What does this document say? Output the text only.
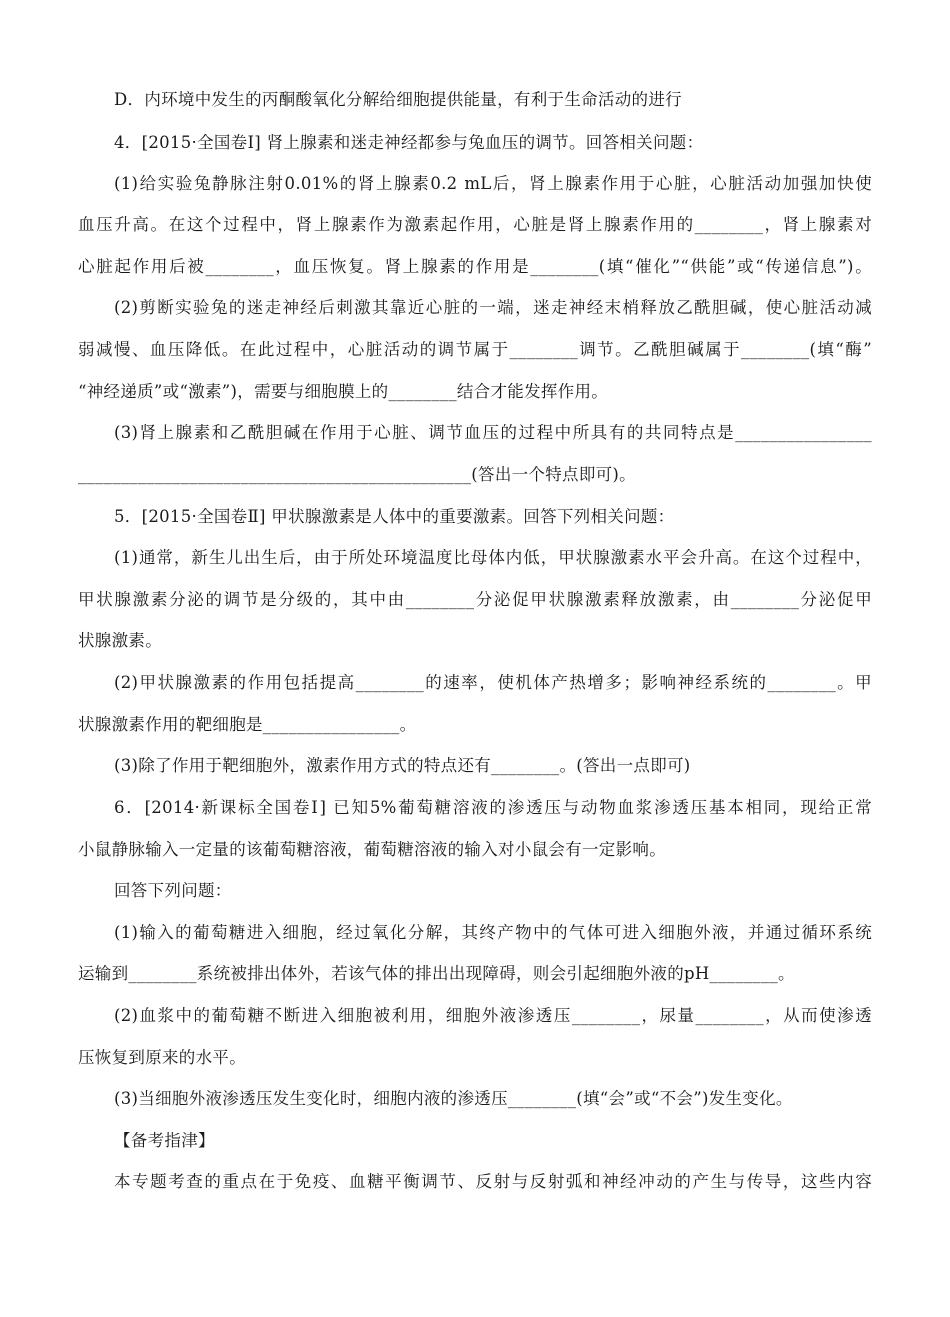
D．内环境中发生的丙酮酸氧化分解给细胞提供能量，有利于生命活动的进行
4．[2015·全国卷Ⅰ] 肾上腺素和迷走神经都参与兔血压的调节。回答相关问题：
(1)给实验兔静脉注射0.01%的肾上腺素0.2 mL后，肾上腺素作用于心脏，心脏活动加强加快使
血压升高。在这个过程中，肾上腺素作为激素起作用，心脏是肾上腺素作用的________，肾上腺素对
心脏起作用后被________，血压恢复。肾上腺素的作用是________(填“催化”“供能”或“传递信息”)。
(2)剪断实验兔的迷走神经后刺激其靠近心脏的一端，迷走神经末梢释放乙酰胆碱，使心脏活动减
弱减慢、血压降低。在此过程中，心脏活动的调节属于________调节。乙酰胆碱属于________(填“酶”
“神经递质”或“激素”)，需要与细胞膜上的________结合才能发挥作用。
(3)肾上腺素和乙酰胆碱在作用于心脏、调节血压的过程中所具有的共同特点是________________
______________________________________________(答出一个特点即可)。
5．[2015·全国卷Ⅱ] 甲状腺激素是人体中的重要激素。回答下列相关问题：
(1)通常，新生儿出生后，由于所处环境温度比母体内低，甲状腺激素水平会升高。在这个过程中，
甲状腺激素分泌的调节是分级的，其中由________分泌促甲状腺激素释放激素，由________分泌促甲
状腺激素。
(2)甲状腺激素的作用包括提高________的速率，使机体产热增多；影响神经系统的________。甲
状腺激素作用的靶细胞是________________。
(3)除了作用于靶细胞外，激素作用方式的特点还有________。(答出一点即可)
6．[2014·新课标全国卷Ⅰ] 已知5%葡萄糖溶液的渗透压与动物血浆渗透压基本相同，现给正常
小鼠静脉输入一定量的该葡萄糖溶液，葡萄糖溶液的输入对小鼠会有一定影响。
回答下列问题：
(1)输入的葡萄糖进入细胞，经过氧化分解，其终产物中的气体可进入细胞外液，并通过循环系统
运输到________系统被排出体外，若该气体的排出出现障碍，则会引起细胞外液的pH________。
(2)血浆中的葡萄糖不断进入细胞被利用，细胞外液渗透压________，尿量________，从而使渗透
压恢复到原来的水平。
(3)当细胞外液渗透压发生变化时，细胞内液的渗透压________(填“会”或“不会”)发生变化。
【备考指津】
本专题考查的重点在于免疫、血糖平衡调节、反射与反射弧和神经冲动的产生与传导，这些内容
